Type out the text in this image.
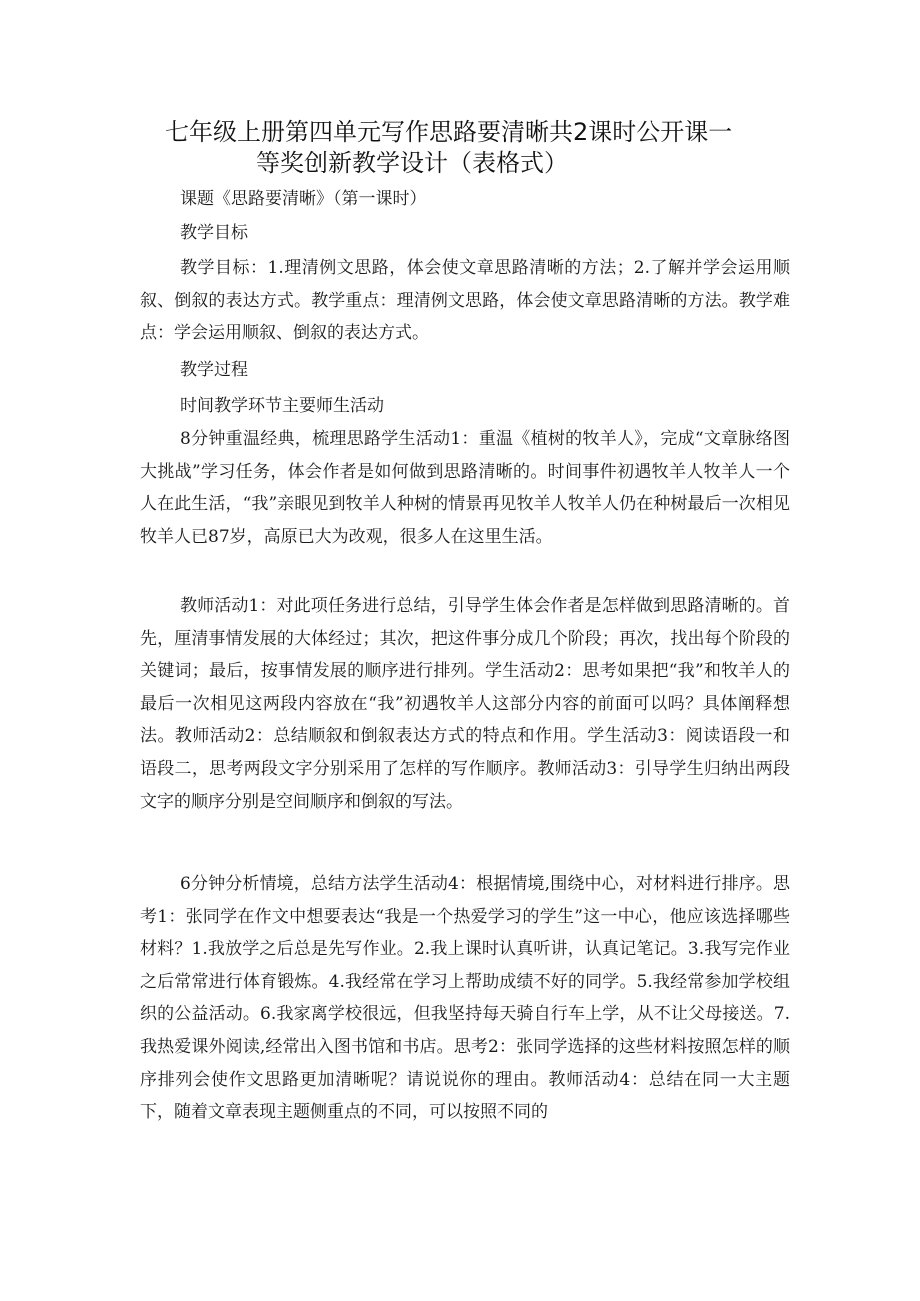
七年级上册第四单元写作思路要清晰共2课时公开课一
等奖创新教学设计（表格式）
课题《思路要清晰》（第一课时）
教学目标
教学目标：1.理清例文思路，体会使文章思路清晰的方法；2.了解并学会运用顺叙、倒叙的表达方式。教学重点：理清例文思路，体会使文章思路清晰的方法。教学难点：学会运用顺叙、倒叙的表达方式。
教学过程
时间教学环节主要师生活动
8分钟重温经典，梳理思路学生活动1：重温《植树的牧羊人》，完成“文章脉络图大挑战”学习任务，体会作者是如何做到思路清晰的。时间事件初遇牧羊人牧羊人一个人在此生活，“我”亲眼见到牧羊人种树的情景再见牧羊人牧羊人仍在种树最后一次相见牧羊人已87岁，高原已大为改观，很多人在这里生活。
教师活动1：对此项任务进行总结，引导学生体会作者是怎样做到思路清晰的。首先，厘清事情发展的大体经过；其次，把这件事分成几个阶段；再次，找出每个阶段的关键词；最后，按事情发展的顺序进行排列。学生活动2：思考如果把“我”和牧羊人的最后一次相见这两段内容放在“我”初遇牧羊人这部分内容的前面可以吗？具体阐释想法。教师活动2：总结顺叙和倒叙表达方式的特点和作用。学生活动3：阅读语段一和语段二，思考两段文字分别采用了怎样的写作顺序。教师活动3：引导学生归纳出两段文字的顺序分别是空间顺序和倒叙的写法。
6分钟分析情境，总结方法学生活动4：根据情境,围绕中心，对材料进行排序。思考1：张同学在作文中想要表达“我是一个热爱学习的学生”这一中心，他应该选择哪些材料？1.我放学之后总是先写作业。2.我上课时认真听讲，认真记笔记。3.我写完作业之后常常进行体育锻炼。4.我经常在学习上帮助成绩不好的同学。5.我经常参加学校组织的公益活动。6.我家离学校很远，但我坚持每天骑自行车上学，从不让父母接送。7.我热爱课外阅读,经常出入图书馆和书店。思考2：张同学选择的这些材料按照怎样的顺序排列会使作文思路更加清晰呢？请说说你的理由。教师活动4：总结在同一大主题下，随着文章表现主题侧重点的不同，可以按照不同的
